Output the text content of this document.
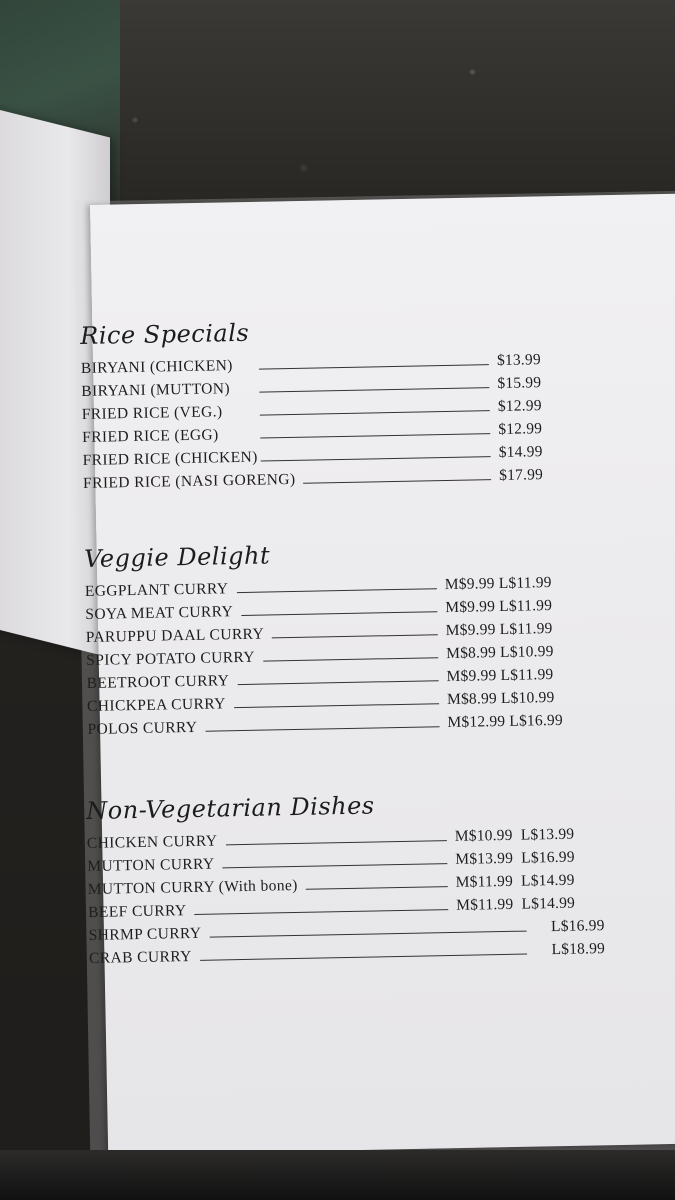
Rice Specials
BIRYANI (CHICKEN)	$13.99
BIRYANI (MUTTON)	$15.99
FRIED RICE (VEG.)	$12.99
FRIED RICE (EGG)	$12.99
FRIED RICE (CHICKEN)	$14.99
FRIED RICE (NASI GORENG)	$17.99
Veggie Delight
EGGPLANT CURRY	M$9.99 L$11.99
SOYA MEAT CURRY	M$9.99 L$11.99
PARUPPU DAAL CURRY	M$9.99 L$11.99
SPICY POTATO CURRY	M$8.99 L$10.99
BEETROOT CURRY	M$9.99 L$11.99
CHICKPEA CURRY	M$8.99 L$10.99
POLOS CURRY	M$12.99 L$16.99
Non-Vegetarian Dishes
CHICKEN CURRY	M$10.99  L$13.99
MUTTON CURRY	M$13.99  L$16.99
MUTTON CURRY (With bone)	M$11.99  L$14.99
BEEF CURRY	M$11.99  L$14.99
SHRMP CURRY	L$16.99
CRAB CURRY	L$18.99
